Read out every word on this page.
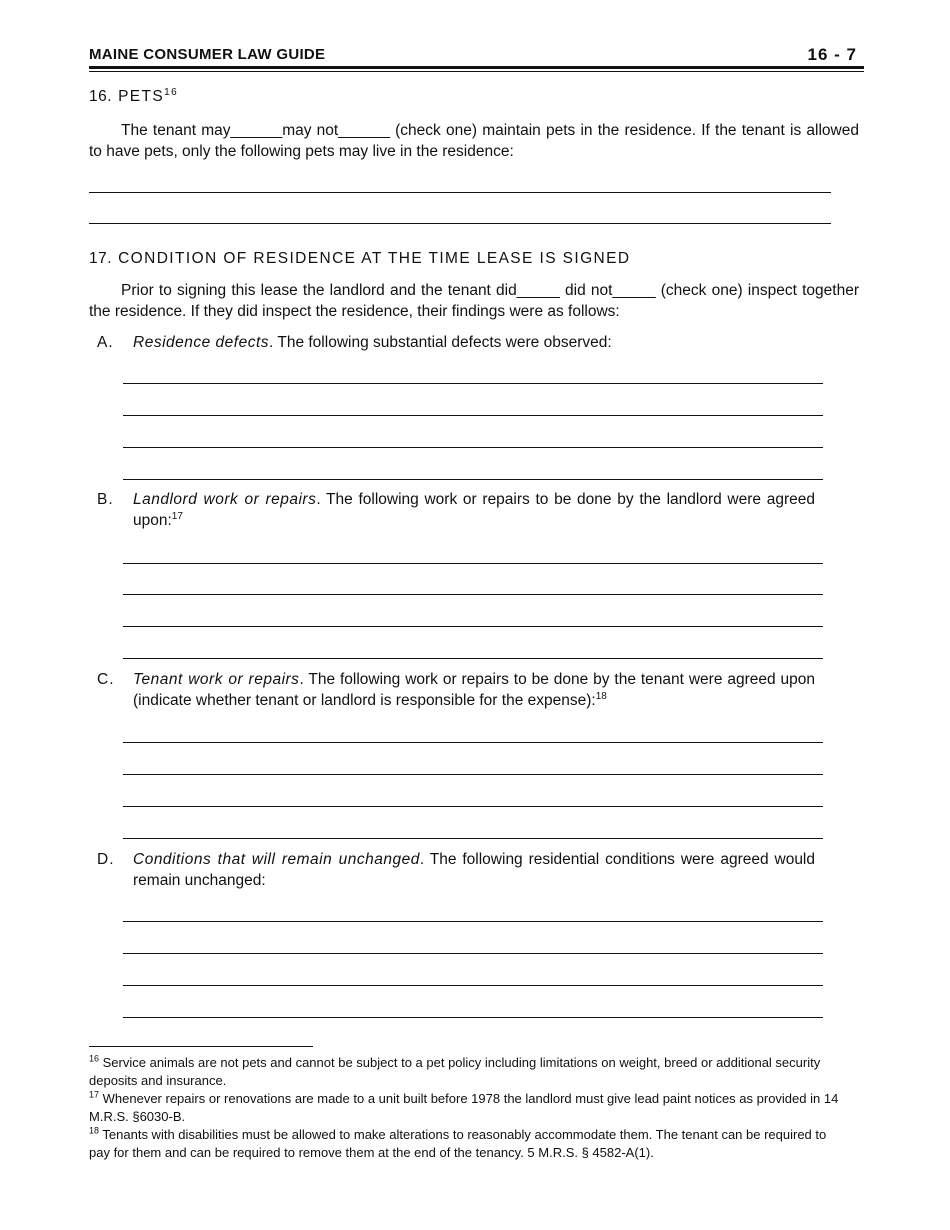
MAINE CONSUMER LAW GUIDE	16 - 7
16. PETS$^{16}$
The tenant may______may not______ (check one) maintain pets in the residence. If the tenant is allowed to have pets, only the following pets may live in the residence:
17. CONDITION OF RESIDENCE AT THE TIME LEASE IS SIGNED
Prior to signing this lease the landlord and the tenant did_____ did not_____ (check one) inspect together the residence. If they did inspect the residence, their findings were as follows:
A. Residence defects. The following substantial defects were observed:
B. Landlord work or repairs. The following work or repairs to be done by the landlord were agreed upon:$^{17}$
C. Tenant work or repairs. The following work or repairs to be done by the tenant were agreed upon (indicate whether tenant or landlord is responsible for the expense):$^{18}$
D. Conditions that will remain unchanged. The following residential conditions were agreed would remain unchanged:
$^{16}$ Service animals are not pets and cannot be subject to a pet policy including limitations on weight, breed or additional security deposits and insurance.
$^{17}$ Whenever repairs or renovations are made to a unit built before 1978 the landlord must give lead paint notices as provided in 14 M.R.S. §6030-B.
$^{18}$ Tenants with disabilities must be allowed to make alterations to reasonably accommodate them. The tenant can be required to pay for them and can be required to remove them at the end of the tenancy. 5 M.R.S. § 4582-A(1).
